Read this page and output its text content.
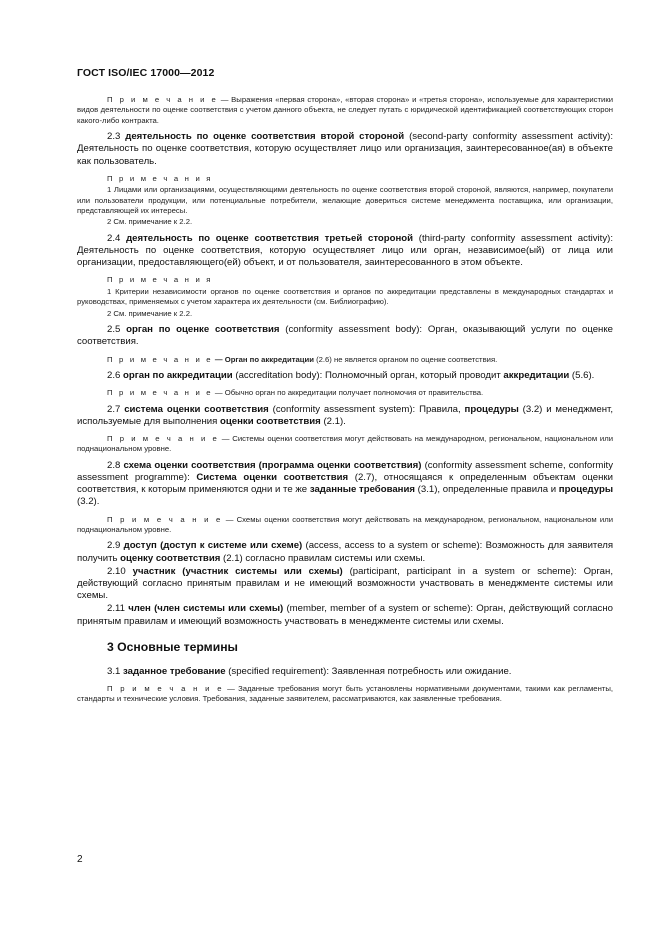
ГОСТ ISO/IEC 17000—2012

П р и м е ч а н и е — Выражения «первая сторона», «вторая сторона» и «третья сторона», используемые для характеристики видов деятельности по оценке соответствия с учетом данного объекта, не следует путать с юридической идентификацией соответствующих сторон какого-либо контракта.

2.3 деятельность по оценке соответствия второй стороной (second-party conformity assessment activity): Деятельность по оценке соответствия, которую осуществляет лицо или организация, заинтересованное(ая) в объекте как пользователь.

П р и м е ч а н и я

1 Лицами или организациями, осуществляющими деятельность по оценке соответствия второй стороной, являются, например, покупатели или пользователи продукции, или потенциальные потребители, желающие довериться системе менеджмента поставщика, или организации, представляющей их интересы.

2 См. примечание к 2.2.

2.4 деятельность по оценке соответствия третьей стороной (third-party conformity assessment activity): Деятельность по оценке соответствия, которую осуществляет лицо или орган, независимое(ый) от лица или организации, предоставляющего(ей) объект, и от пользователя, заинтересованного в этом объекте.

П р и м е ч а н и я

1 Критерии независимости органов по оценке соответствия и органов по аккредитации представлены в международных стандартах и руководствах, применяемых с учетом характера их деятельности (см. Библиографию).

2 См. примечание к 2.2.

2.5 орган по оценке соответствия (conformity assessment body): Орган, оказывающий услуги по оценке соответствия.

П р и м е ч а н и е — Орган по аккредитации (2.6) не является органом по оценке соответствия.

2.6 орган по аккредитации (accreditation body): Полномочный орган, который проводит аккредитации (5.6).

П р и м е ч а н и е — Обычно орган по аккредитации получает полномочия от правительства.

2.7 система оценки соответствия (conformity assessment system): Правила, процедуры (3.2) и менеджмент, используемые для выполнения оценки соответствия (2.1).

П р и м е ч а н и е — Системы оценки соответствия могут действовать на международном, региональном, национальном или поднациональном уровне.

2.8 схема оценки соответствия (программа оценки соответствия) (conformity assessment scheme, conformity assessment programme): Система оценки соответствия (2.7), относящаяся к определенным объектам оценки соответствия, к которым применяются одни и те же заданные требования (3.1), определенные правила и процедуры (3.2).

П р и м е ч а н и е — Схемы оценки соответствия могут действовать на международном, региональном, национальном или поднациональном уровне.

2.9 доступ (доступ к системе или схеме) (access, access to a system or scheme): Возможность для заявителя получить оценку соответствия (2.1) согласно правилам системы или схемы.

2.10 участник (участник системы или схемы) (participant, participant in a system or scheme): Орган, действующий согласно принятым правилам и не имеющий возможности участвовать в менеджменте системы или схемы.

2.11 член (член системы или схемы) (member, member of a system or scheme): Орган, действующий согласно принятым правилам и имеющий возможность участвовать в менеджменте системы или схемы.

3 Основные термины

3.1 заданное требование (specified requirement): Заявленная потребность или ожидание.

П р и м е ч а н и е — Заданные требования могут быть установлены нормативными документами, такими как регламенты, стандарты и технические условия. Требования, заданные заявителем, рассматриваются, как заявленные требования.

2
